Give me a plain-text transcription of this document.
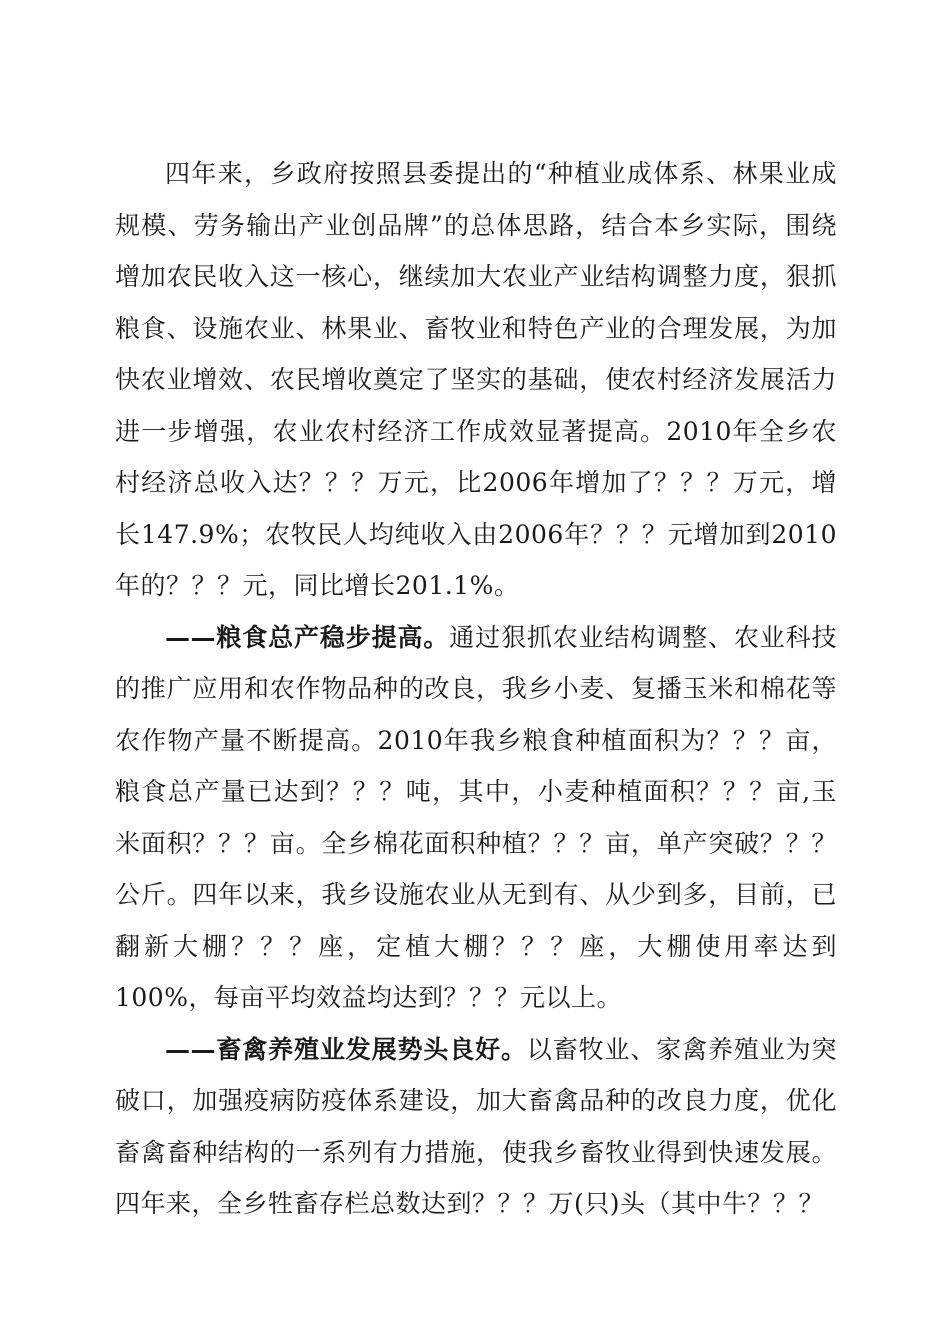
四年来，乡政府按照县委提出的“种植业成体系、林果业成规模、劳务输出产业创品牌”的总体思路，结合本乡实际，围绕增加农民收入这一核心，继续加大农业产业结构调整力度，狠抓粮食、设施农业、林果业、畜牧业和特色产业的合理发展，为加快农业增效、农民增收奠定了坚实的基础，使农村经济发展活力进一步增强，农业农村经济工作成效显著提高。2010年全乡农村经济总收入达？？？万元，比2006年增加了？？？万元，增长147.9%；农牧民人均纯收入由2006年？？？元增加到2010年的？？？元，同比增长201.1%。

——粮食总产稳步提高。通过狠抓农业结构调整、农业科技的推广应用和农作物品种的改良，我乡小麦、复播玉米和棉花等农作物产量不断提高。2010年我乡粮食种植面积为？？？亩，粮食总产量已达到？？？吨，其中，小麦种植面积？？？亩,玉米面积？？？亩。全乡棉花面积种植？？？亩，单产突破？？？公斤。四年以来，我乡设施农业从无到有、从少到多，目前，已翻新大棚？？？座，定植大棚？？？座，大棚使用率达到100%，每亩平均效益均达到？？？元以上。

——畜禽养殖业发展势头良好。以畜牧业、家禽养殖业为突破口，加强疫病防疫体系建设，加大畜禽品种的改良力度，优化畜禽畜种结构的一系列有力措施，使我乡畜牧业得到快速发展。四年来，全乡牲畜存栏总数达到？？？万(只)头（其中牛？？？
